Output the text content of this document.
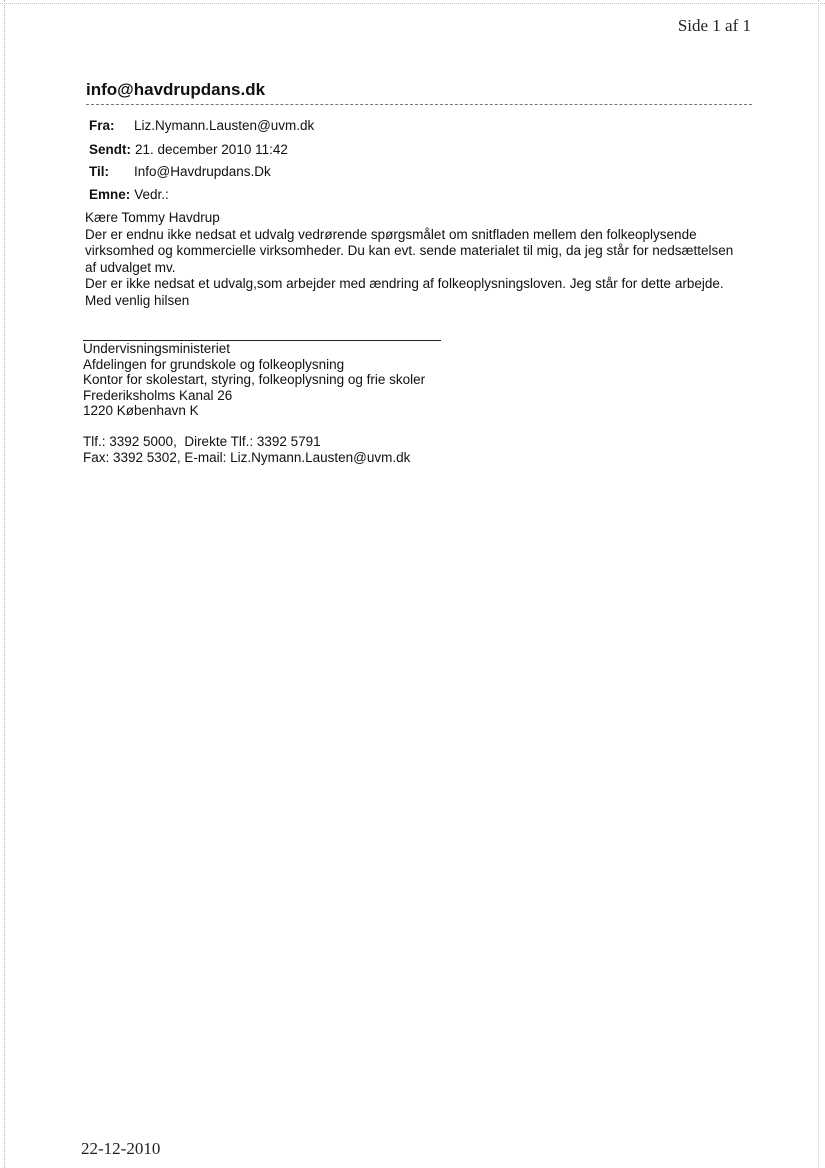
Side 1 af 1
info@havdrupdans.dk
Fra: Liz.Nymann.Lausten@uvm.dk
Sendt: 21. december 2010 11:42
Til: Info@Havdrupdans.Dk
Emne: Vedr.:

Kære Tommy Havdrup

Der er endnu ikke nedsat et udvalg vedrørende spørgsmålet om snitfladen mellem den folkeoplysende virksomhed og kommercielle virksomheder. Du kan evt. sende materialet til mig, da jeg står for nedsættelsen af udvalget mv.

Der er ikke nedsat et udvalg,som arbejder med ændring af folkeoplysningsloven. Jeg står for dette arbejde.

Med venlig hilsen

Undervisningsministeriet

Afdelingen for grundskole og folkeoplysning

Kontor for skolestart, styring, folkeoplysning og frie skoler

Frederiksholms Kanal 26

1220 København K

Tlf.: 3392 5000,  Direkte Tlf.: 3392 5791

Fax: 3392 5302, E-mail: Liz.Nymann.Lausten@uvm.dk

22-12-2010
